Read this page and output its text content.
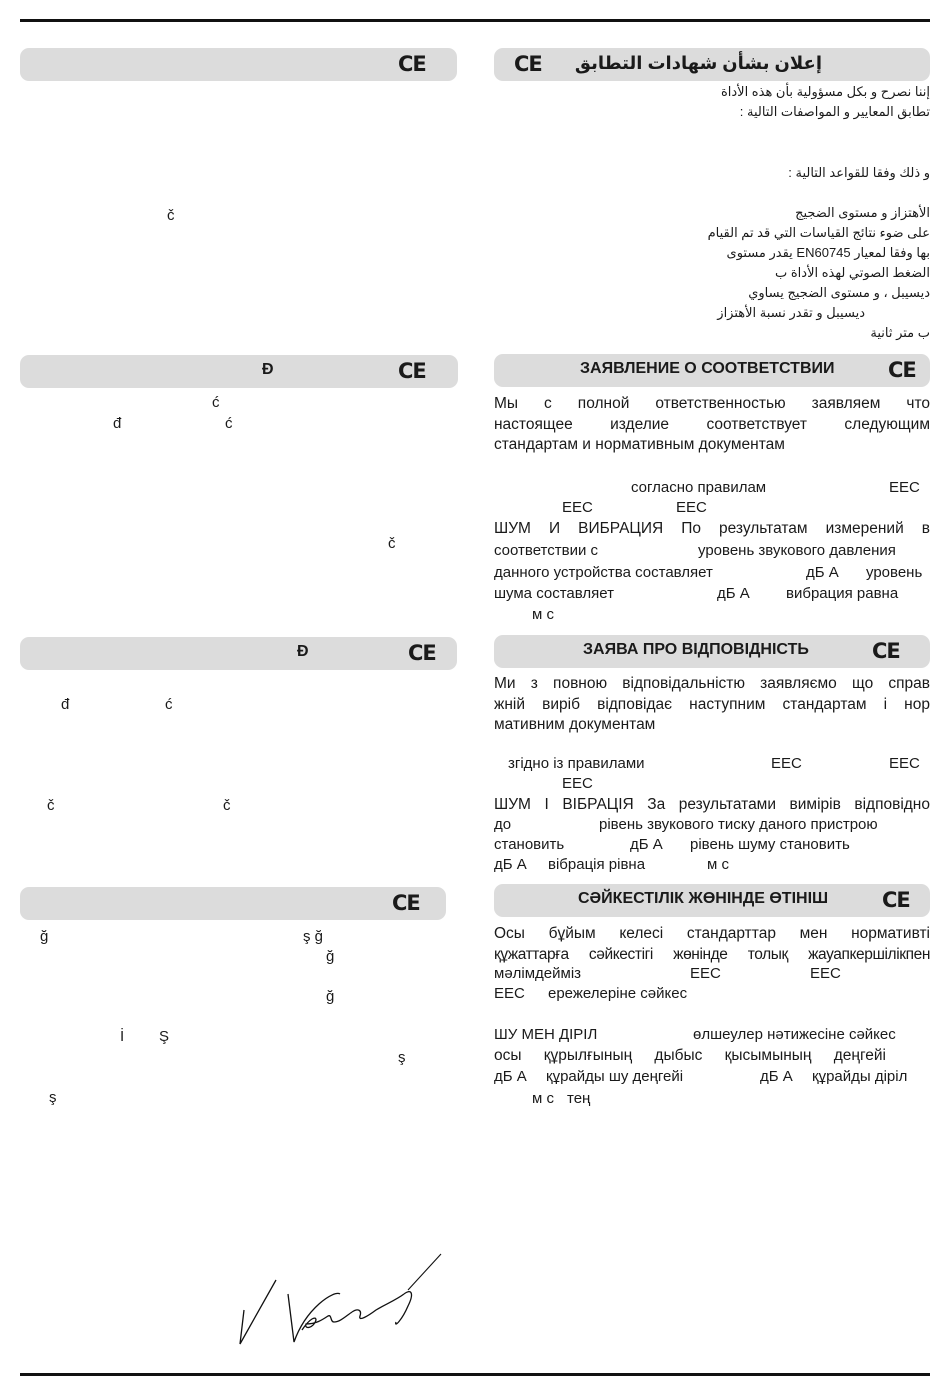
CE
č
Đ	CE
ć
đ	ć
č
Đ	CE
đ	ć
č	č
CE
ğ	ş ğ
ğ
ğ
İ Ş
ş
ş
CE إعلان بشأن شهادات التطابق
إننا نصرح و بكل مسؤولية بأن هذه الأداة
تطابق المعايير و المواصفات التالية :
و ذلك وفقا للقواعد التالية :
الأهتزاز و مستوى الضجيج
على ضوء نتائج القياسات التي قد تم القيام
بها وفقا لمعيار EN60745 يقدر مستوى
الضغط الصوتي لهذه الأداة ب
ديسيبل ، و مستوى الضجيج يساوي
ديسيبل و تقدر نسبة الأهتزاز
ب متر ثانية
ЗАЯВЛЕНИЕ О СООТВЕТСТВИИ	CE
Мы с полной ответственностью заявляем что
настоящее изделие соответствует следующим
стандартам и нормативным документам
согласно правилам	EEC
EEC	EEC
ШУМ И ВИБРАЦИЯ По результатам измерений в
соответствии с	уровень звукового давления
данного устройства составляет	дБ А уровень
шума составляет	дБ А вибрация равна
м с
ЗАЯВА ПРО ВІДПОВІДНІСТЬ	CE
Ми з повною відповідальністю заявляємо що справ
жній виріб відповідає наступним стандартам і нор
мативним документам
згідно із правилами	EEC	EEC
EEC
ШУМ І ВІБРАЦІЯ За результатами вимірів відповідно
до	рівень звукового тиску даного пристрою
становить	дБ А рівень шуму становить
дБ А вібрація рівна	м с
СӘЙКЕСТІЛІК ЖӨНІНДЕ ӨТІНІШ	CE
Осы бұйым келесі стандарттар мен нормативті
құжаттарға сәйкестігі жөнінде толық жауапкершілікпен
мәлімдейміз	EEC	EEC
EEC ережелеріне сәйкес
ШУ МЕН ДІРІЛ	өлшеулер нәтижесіне сәйкес
осы құрылғының дыбыс қысымының деңгейі
дБ А құрайды шу деңгейі	дБ А құрайды діріл
м с тең
